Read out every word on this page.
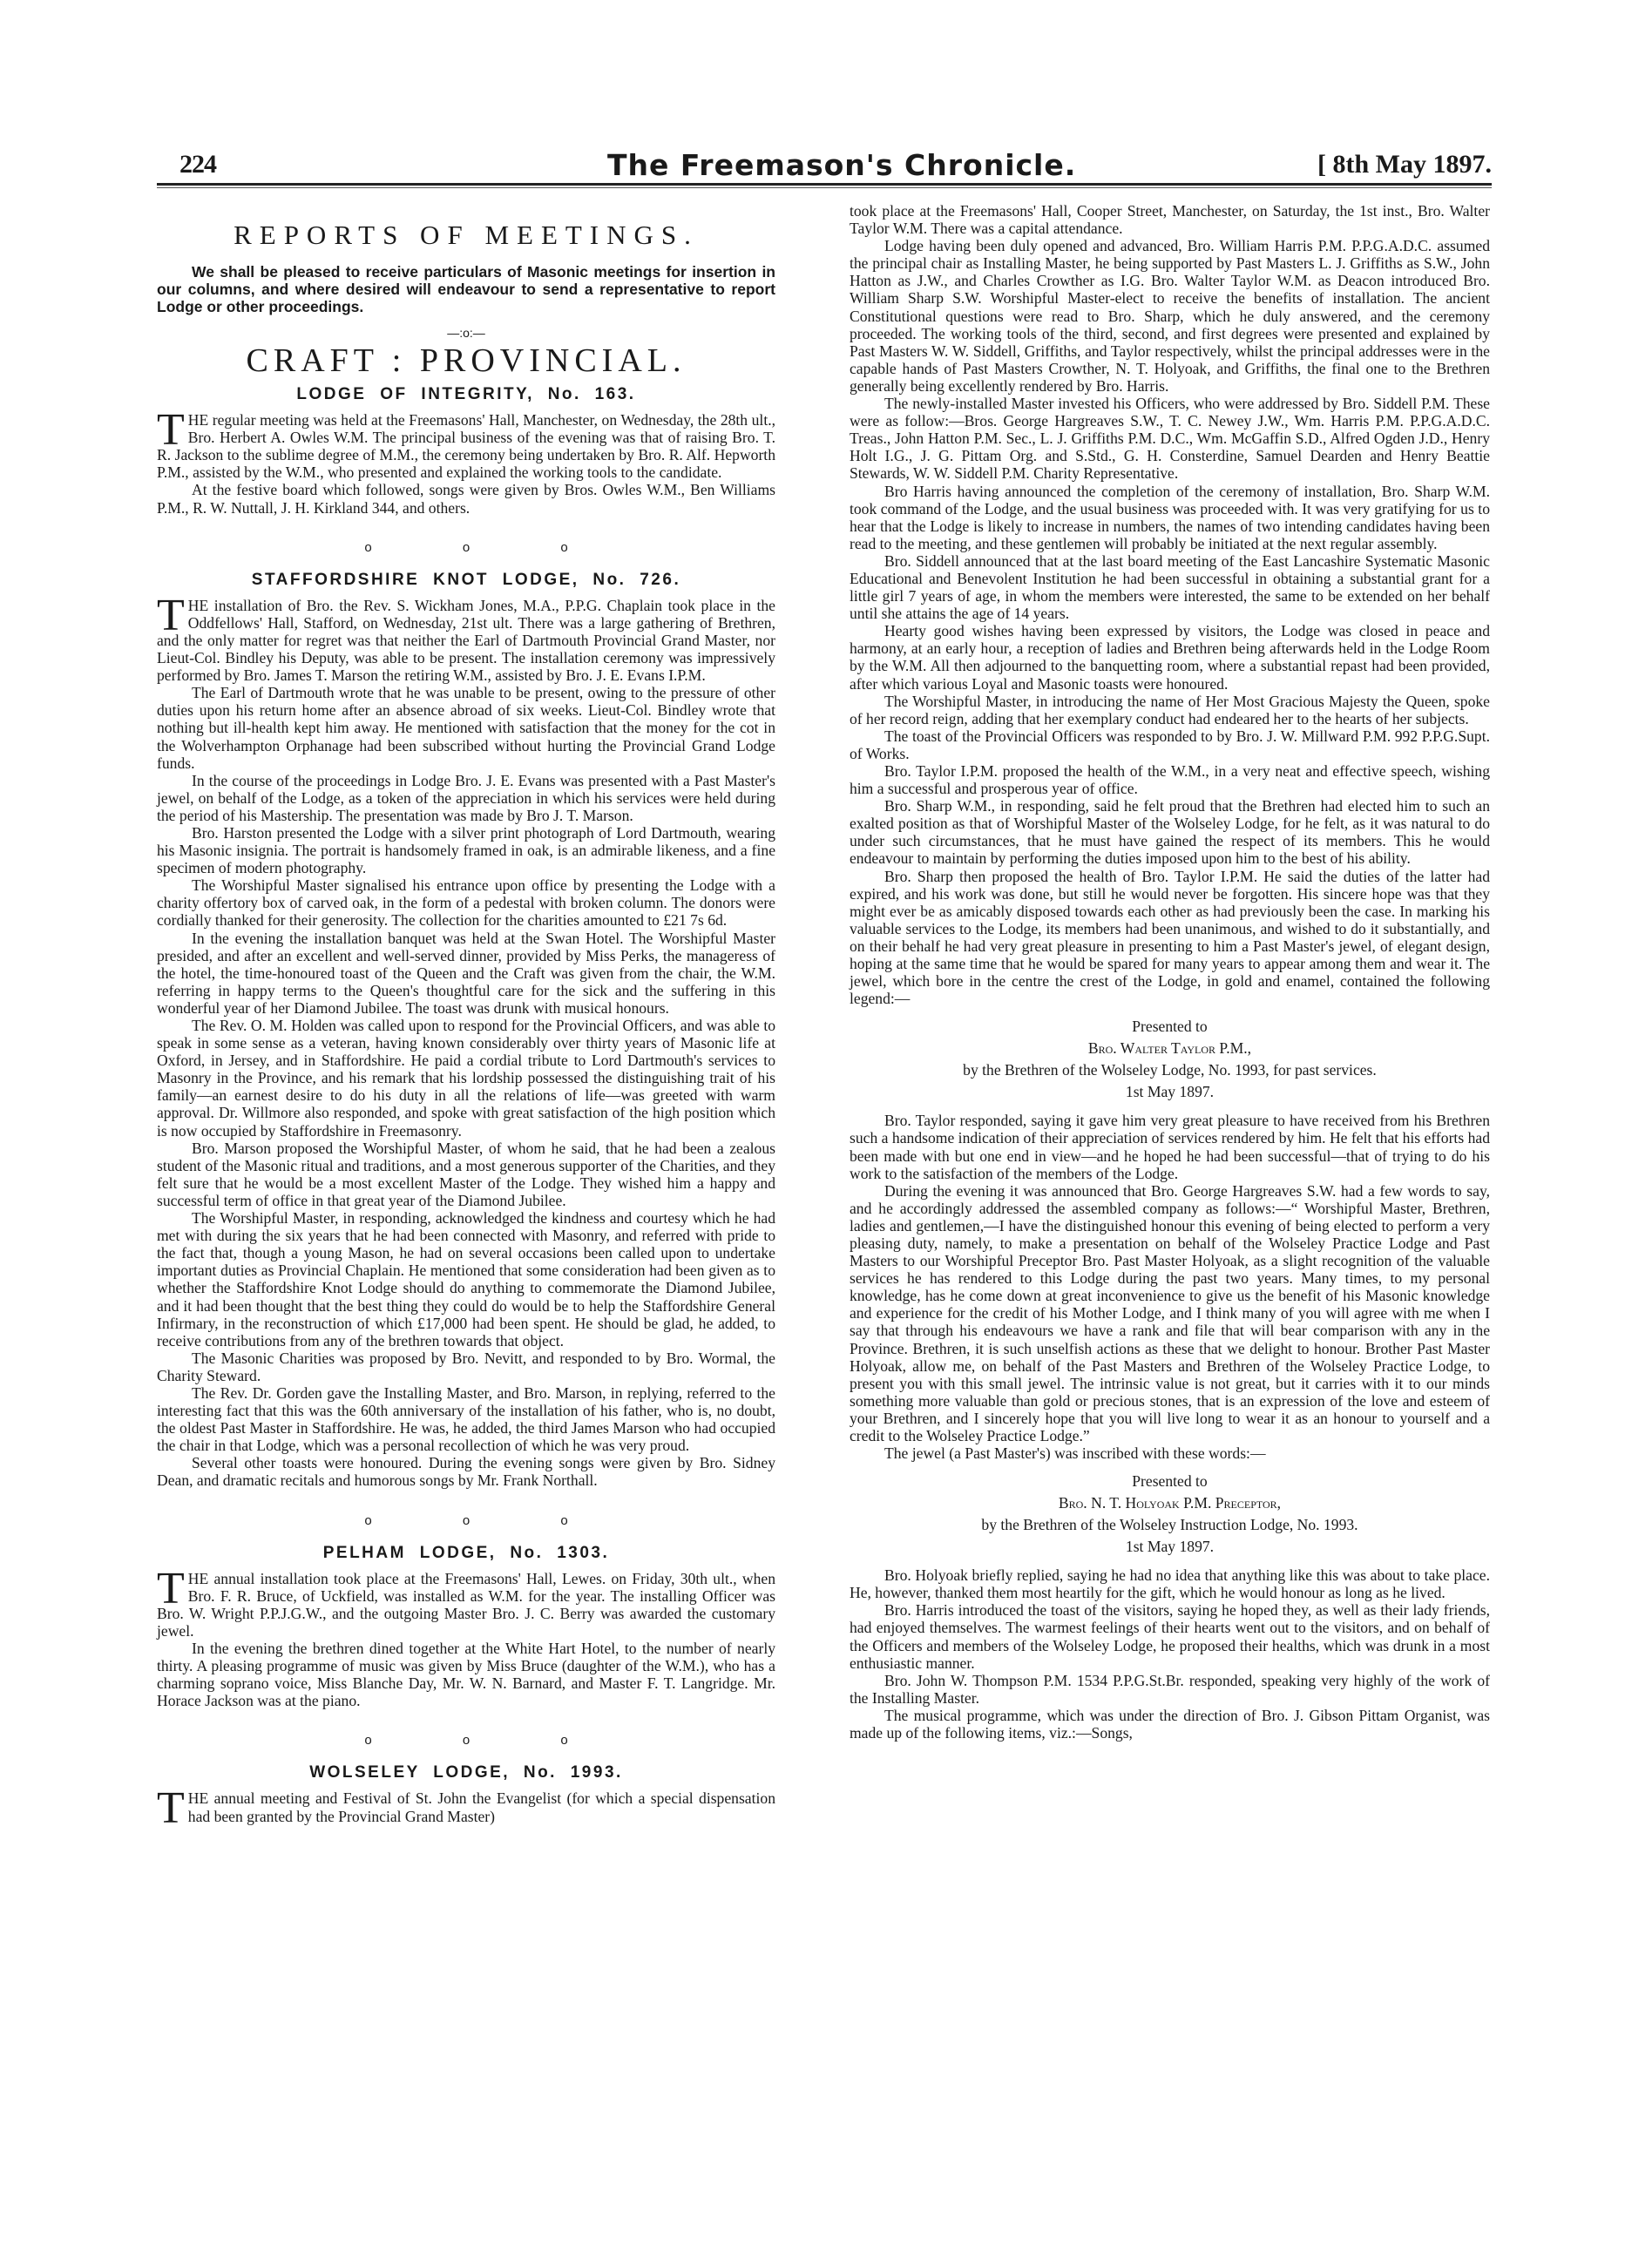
224	The Freemason's Chronicle.	[ 8th May 1897.
REPORTS OF MEETINGS.

We shall be pleased to receive particulars of Masonic meetings for insertion in our columns, and where desired will endeavour to send a representative to report Lodge or other proceedings.

—:o:—
CRAFT : PROVINCIAL.
LODGE OF INTEGRITY, No. 163.

THE regular meeting was held at the Freemasons' Hall, Manchester, on Wednesday, the 28th ult., Bro. Herbert A. Owles W.M. The principal business of the evening was that of raising Bro. T. R. Jackson to the sublime degree of M.M., the ceremony being undertaken by Bro. R. Alf. Hepworth P.M., assisted by the W.M., who presented and explained the working tools to the candidate.

At the festive board which followed, songs were given by Bros. Owles W.M., Ben Williams P.M., R. W. Nuttall, J. H. Kirkland 344, and others.

o o o
STAFFORDSHIRE KNOT LODGE, No. 726.

THE installation of Bro. the Rev. S. Wickham Jones, M.A., P.P.G. Chaplain took place in the Oddfellows' Hall, Stafford, on Wednesday, 21st ult. There was a large gathering of Brethren, and the only matter for regret was that neither the Earl of Dartmouth Provincial Grand Master, nor Lieut-Col. Bindley his Deputy, was able to be present. The installation ceremony was impressively performed by Bro. James T. Marson the retiring W.M., assisted by Bro. J. E. Evans I.P.M.

The Earl of Dartmouth wrote that he was unable to be present, owing to the pressure of other duties upon his return home after an absence abroad of six weeks. Lieut-Col. Bindley wrote that nothing but ill-health kept him away. He mentioned with satisfaction that the money for the cot in the Wolverhampton Orphanage had been subscribed without hurting the Provincial Grand Lodge funds.

In the course of the proceedings in Lodge Bro. J. E. Evans was presented with a Past Master's jewel, on behalf of the Lodge, as a token of the appreciation in which his services were held during the period of his Mastership. The presentation was made by Bro J. T. Marson.

Bro. Harston presented the Lodge with a silver print photograph of Lord Dartmouth, wearing his Masonic insignia. The portrait is handsomely framed in oak, is an admirable likeness, and a fine specimen of modern photography.

The Worshipful Master signalised his entrance upon office by presenting the Lodge with a charity offertory box of carved oak, in the form of a pedestal with broken column. The donors were cordially thanked for their generosity. The collection for the charities amounted to £21 7s 6d.

In the evening the installation banquet was held at the Swan Hotel. The Worshipful Master presided, and after an excellent and well-served dinner, provided by Miss Perks, the manageress of the hotel, the time-honoured toast of the Queen and the Craft was given from the chair, the W.M. referring in happy terms to the Queen's thoughtful care for the sick and the suffering in this wonderful year of her Diamond Jubilee. The toast was drunk with musical honours.

The Rev. O. M. Holden was called upon to respond for the Provincial Officers, and was able to speak in some sense as a veteran, having known considerably over thirty years of Masonic life at Oxford, in Jersey, and in Staffordshire. He paid a cordial tribute to Lord Dartmouth's services to Masonry in the Province, and his remark that his lordship possessed the distinguishing trait of his family—an earnest desire to do his duty in all the relations of life—was greeted with warm approval. Dr. Willmore also responded, and spoke with great satisfaction of the high position which is now occupied by Staffordshire in Freemasonry.

Bro. Marson proposed the Worshipful Master, of whom he said, that he had been a zealous student of the Masonic ritual and traditions, and a most generous supporter of the Charities, and they felt sure that he would be a most excellent Master of the Lodge. They wished him a happy and successful term of office in that great year of the Diamond Jubilee.

The Worshipful Master, in responding, acknowledged the kindness and courtesy which he had met with during the six years that he had been connected with Masonry, and referred with pride to the fact that, though a young Mason, he had on several occasions been called upon to undertake important duties as Provincial Chaplain. He mentioned that some consideration had been given as to whether the Staffordshire Knot Lodge should do anything to commemorate the Diamond Jubilee, and it had been thought that the best thing they could do would be to help the Staffordshire General Infirmary, in the reconstruction of which £17,000 had been spent. He should be glad, he added, to receive contributions from any of the brethren towards that object.

The Masonic Charities was proposed by Bro. Nevitt, and responded to by Bro. Wormal, the Charity Steward.

The Rev. Dr. Gorden gave the Installing Master, and Bro. Marson, in replying, referred to the interesting fact that this was the 60th anniversary of the installation of his father, who is, no doubt, the oldest Past Master in Staffordshire. He was, he added, the third James Marson who had occupied the chair in that Lodge, which was a personal recollection of which he was very proud.

Several other toasts were honoured. During the evening songs were given by Bro. Sidney Dean, and dramatic recitals and humorous songs by Mr. Frank Northall.

o o o
PELHAM LODGE, No. 1303.

THE annual installation took place at the Freemasons' Hall, Lewes. on Friday, 30th ult., when Bro. F. R. Bruce, of Uckfield, was installed as W.M. for the year. The installing Officer was Bro. W. Wright P.P.J.G.W., and the outgoing Master Bro. J. C. Berry was awarded the customary jewel.

In the evening the brethren dined together at the White Hart Hotel, to the number of nearly thirty. A pleasing programme of music was given by Miss Bruce (daughter of the W.M.), who has a charming soprano voice, Miss Blanche Day, Mr. W. N. Barnard, and Master F. T. Langridge. Mr. Horace Jackson was at the piano.

o o o
WOLSELEY LODGE, No. 1993.

THE annual meeting and Festival of St. John the Evangelist (for which a special dispensation had been granted by the Provincial Grand Master)

took place at the Freemasons' Hall, Cooper Street, Manchester, on Saturday, the 1st inst., Bro. Walter Taylor W.M. There was a capital attendance.

Lodge having been duly opened and advanced, Bro. William Harris P.M. P.P.G.A.D.C. assumed the principal chair as Installing Master, he being supported by Past Masters L. J. Griffiths as S.W., John Hatton as J.W., and Charles Crowther as I.G. Bro. Walter Taylor W.M. as Deacon introduced Bro. William Sharp S.W. Worshipful Master-elect to receive the benefits of installation. The ancient Constitutional questions were read to Bro. Sharp, which he duly answered, and the ceremony proceeded. The working tools of the third, second, and first degrees were presented and explained by Past Masters W. W. Siddell, Griffiths, and Taylor respectively, whilst the principal addresses were in the capable hands of Past Masters Crowther, N. T. Holyoak, and Griffiths, the final one to the Brethren generally being excellently rendered by Bro. Harris.

The newly-installed Master invested his Officers, who were addressed by Bro. Siddell P.M. These were as follow:—Bros. George Hargreaves S.W., T. C. Newey J.W., Wm. Harris P.M. P.P.G.A.D.C. Treas., John Hatton P.M. Sec., L. J. Griffiths P.M. D.C., Wm. McGaffin S.D., Alfred Ogden J.D., Henry Holt I.G., J. G. Pittam Org. and S.Std., G. H. Consterdine, Samuel Dearden and Henry Beattie Stewards, W. W. Siddell P.M. Charity Representative.

Bro Harris having announced the completion of the ceremony of installation, Bro. Sharp W.M. took command of the Lodge, and the usual business was proceeded with. It was very gratifying for us to hear that the Lodge is likely to increase in numbers, the names of two intending candidates having been read to the meeting, and these gentlemen will probably be initiated at the next regular assembly.

Bro. Siddell announced that at the last board meeting of the East Lancashire Systematic Masonic Educational and Benevolent Institution he had been successful in obtaining a substantial grant for a little girl 7 years of age, in whom the members were interested, the same to be extended on her behalf until she attains the age of 14 years.

Hearty good wishes having been expressed by visitors, the Lodge was closed in peace and harmony, at an early hour, a reception of ladies and Brethren being afterwards held in the Lodge Room by the W.M. All then adjourned to the banquetting room, where a substantial repast had been provided, after which various Loyal and Masonic toasts were honoured.

The Worshipful Master, in introducing the name of Her Most Gracious Majesty the Queen, spoke of her record reign, adding that her exemplary conduct had endeared her to the hearts of her subjects.

The toast of the Provincial Officers was responded to by Bro. J. W. Millward P.M. 992 P.P.G.Supt. of Works.

Bro. Taylor I.P.M. proposed the health of the W.M., in a very neat and effective speech, wishing him a successful and prosperous year of office.

Bro. Sharp W.M., in responding, said he felt proud that the Brethren had elected him to such an exalted position as that of Worshipful Master of the Wolseley Lodge, for he felt, as it was natural to do under such circumstances, that he must have gained the respect of its members. This he would endeavour to maintain by performing the duties imposed upon him to the best of his ability.

Bro. Sharp then proposed the health of Bro. Taylor I.P.M. He said the duties of the latter had expired, and his work was done, but still he would never be forgotten. His sincere hope was that they might ever be as amicably disposed towards each other as had previously been the case. In marking his valuable services to the Lodge, its members had been unanimous, and wished to do it substantially, and on their behalf he had very great pleasure in presenting to him a Past Master's jewel, of elegant design, hoping at the same time that he would be spared for many years to appear among them and wear it. The jewel, which bore in the centre the crest of the Lodge, in gold and enamel, contained the following legend:—

Presented to
Bro. Walter Taylor P.M.,
by the Brethren of the Wolseley Lodge, No. 1993, for past services.
1st May 1897.

Bro. Taylor responded, saying it gave him very great pleasure to have received from his Brethren such a handsome indication of their appreciation of services rendered by him. He felt that his efforts had been made with but one end in view—and he hoped he had been successful—that of trying to do his work to the satisfaction of the members of the Lodge.

During the evening it was announced that Bro. George Hargreaves S.W. had a few words to say, and he accordingly addressed the assembled company as follows:—“ Worshipful Master, Brethren, ladies and gentlemen,—I have the distinguished honour this evening of being elected to perform a very pleasing duty, namely, to make a presentation on behalf of the Wolseley Practice Lodge and Past Masters to our Worshipful Preceptor Bro. Past Master Holyoak, as a slight recognition of the valuable services he has rendered to this Lodge during the past two years. Many times, to my personal knowledge, has he come down at great inconvenience to give us the benefit of his Masonic knowledge and experience for the credit of his Mother Lodge, and I think many of you will agree with me when I say that through his endeavours we have a rank and file that will bear comparison with any in the Province. Brethren, it is such unselfish actions as these that we delight to honour. Brother Past Master Holyoak, allow me, on behalf of the Past Masters and Brethren of the Wolseley Practice Lodge, to present you with this small jewel. The intrinsic value is not great, but it carries with it to our minds something more valuable than gold or precious stones, that is an expression of the love and esteem of your Brethren, and I sincerely hope that you will live long to wear it as an honour to yourself and a credit to the Wolseley Practice Lodge.”

The jewel (a Past Master's) was inscribed with these words:—

Presented to
Bro. N. T. Holyoak P.M. Preceptor,
by the Brethren of the Wolseley Instruction Lodge, No. 1993.
1st May 1897.

Bro. Holyoak briefly replied, saying he had no idea that anything like this was about to take place. He, however, thanked them most heartily for the gift, which he would honour as long as he lived.

Bro. Harris introduced the toast of the visitors, saying he hoped they, as well as their lady friends, had enjoyed themselves. The warmest feelings of their hearts went out to the visitors, and on behalf of the Officers and members of the Wolseley Lodge, he proposed their healths, which was drunk in a most enthusiastic manner.

Bro. John W. Thompson P.M. 1534 P.P.G.St.Br. responded, speaking very highly of the work of the Installing Master.

The musical programme, which was under the direction of Bro. J. Gibson Pittam Organist, was made up of the following items, viz.:—Songs,
